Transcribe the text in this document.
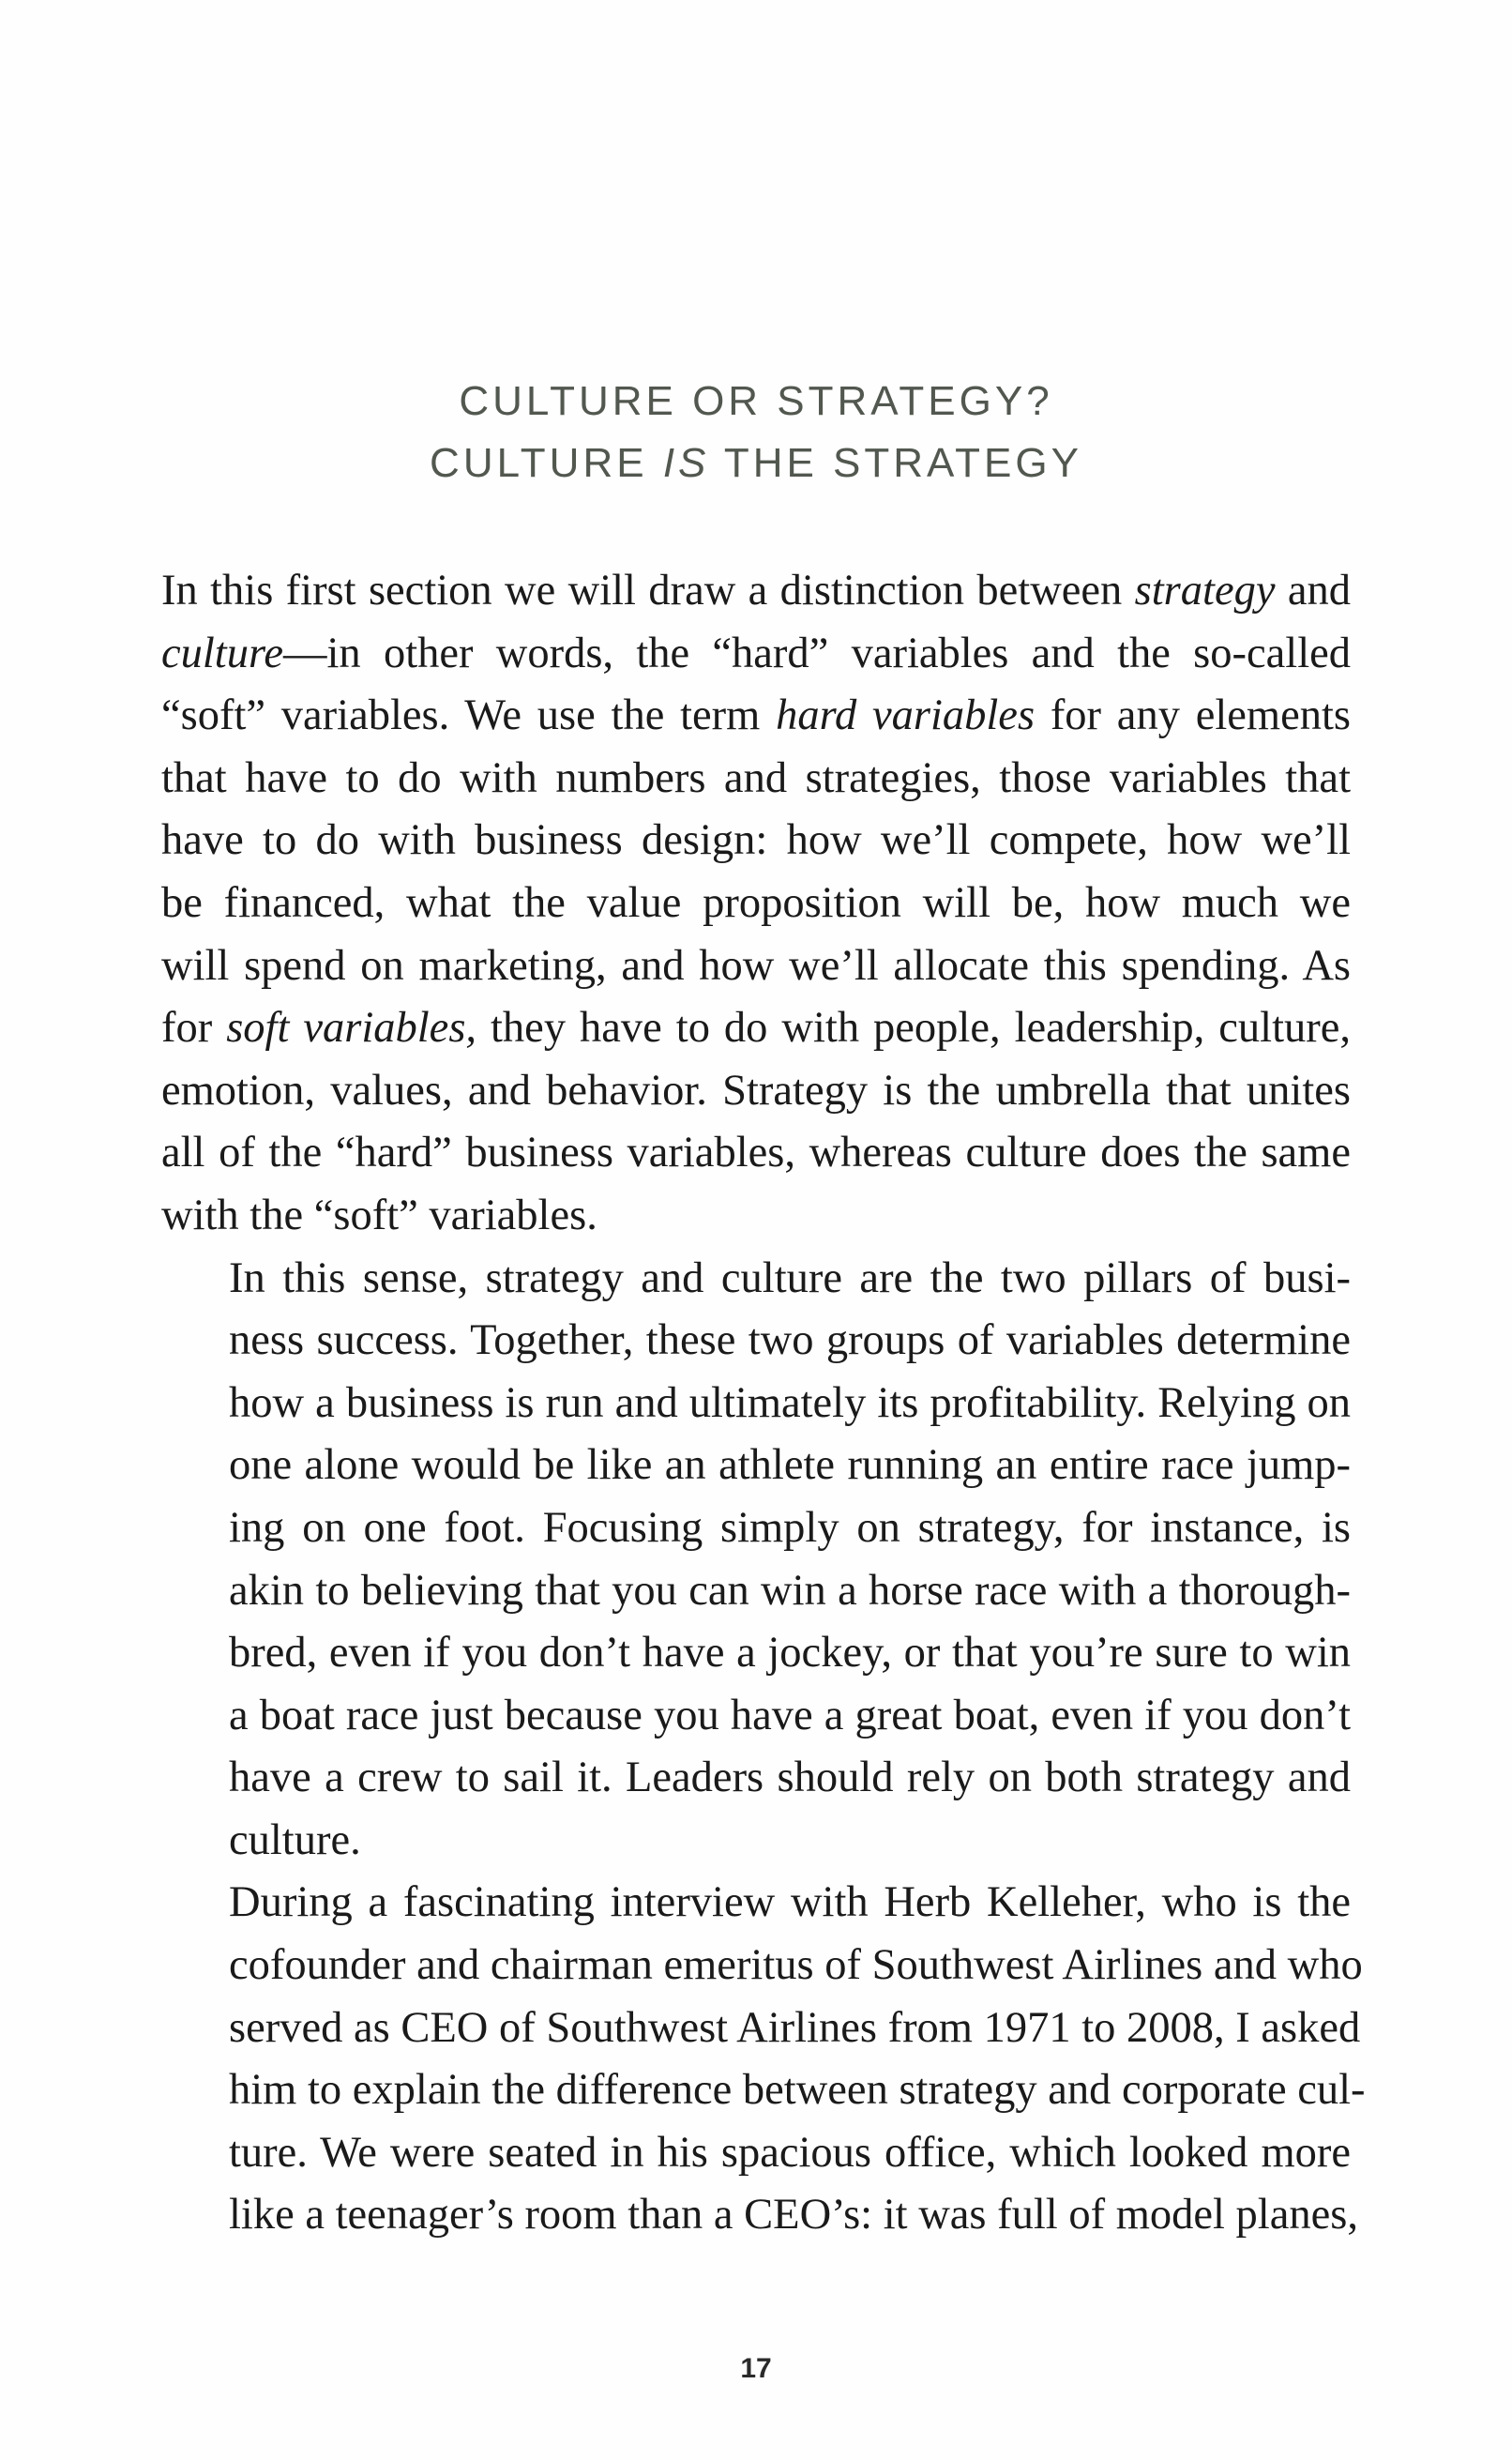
CULTURE OR STRATEGY?
CULTURE IS THE STRATEGY
In this first section we will draw a distinction between strategy and
culture—in other words, the “hard” variables and the so-called
“soft” variables. We use the term hard variables for any elements
that have to do with numbers and strategies, those variables that
have to do with business design: how we’ll compete, how we’ll
be financed, what the value proposition will be, how much we
will spend on marketing, and how we’ll allocate this spending. As
for soft variables, they have to do with people, leadership, culture,
emotion, values, and behavior. Strategy is the umbrella that unites
all of the “hard” business variables, whereas culture does the same
with the “soft” variables.
In this sense, strategy and culture are the two pillars of busi-
ness success. Together, these two groups of variables determine
how a business is run and ultimately its profitability. Relying on
one alone would be like an athlete running an entire race jump-
ing on one foot. Focusing simply on strategy, for instance, is
akin to believing that you can win a horse race with a thorough-
bred, even if you don’t have a jockey, or that you’re sure to win
a boat race just because you have a great boat, even if you don’t
have a crew to sail it. Leaders should rely on both strategy and
culture.
During a fascinating interview with Herb Kelleher, who is the
cofounder and chairman emeritus of Southwest Airlines and who
served as CEO of Southwest Airlines from 1971 to 2008, I asked
him to explain the difference between strategy and corporate cul-
ture. We were seated in his spacious office, which looked more
like a teenager’s room than a CEO’s: it was full of model planes,
17
